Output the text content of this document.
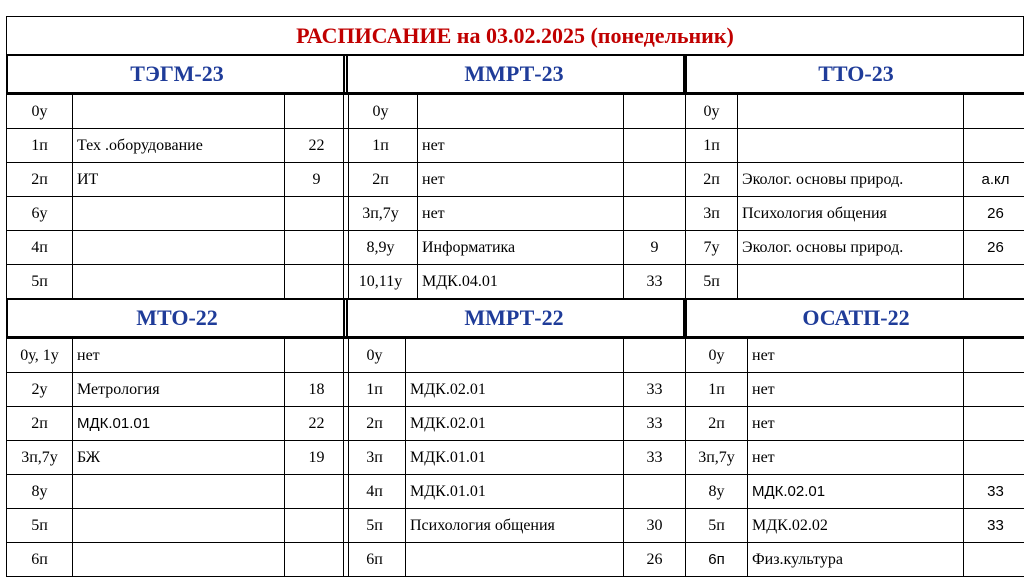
РАСПИСАНИЕ на 03.02.2025 (понедельник)
ТЭГМ-23
0у		
1п	Тех .оборудование	22
2п	ИТ	9
6у		
4п		
5п		
ММРТ-23
0у		
1п	нет	
2п	нет	
3п,7у	нет	
8,9у	Информатика	9
10,11у	МДК.04.01	33
ТТО-23
0у		
1п		
2п	Эколог. основы природ.	а.кл
3п	Психология общения	26
7у	Эколог. основы природ.	26
5п		
МТО-22
0у, 1у	нет	
2у	Метрология	18
2п	МДК.01.01	22
3п,7у	БЖ	19
8у		
5п		
6п		
ММРТ-22
0у		
1п	МДК.02.01	33
2п	МДК.02.01	33
3п	МДК.01.01	33
4п	МДК.01.01	
5п	Психология общения	30
6п		26
ОСАТП-22
0у	нет	
1п	нет	
2п	нет	
3п,7у	нет	
8у	МДК.02.01	33
5п	МДК.02.02	33
6п	Физ.культура	
